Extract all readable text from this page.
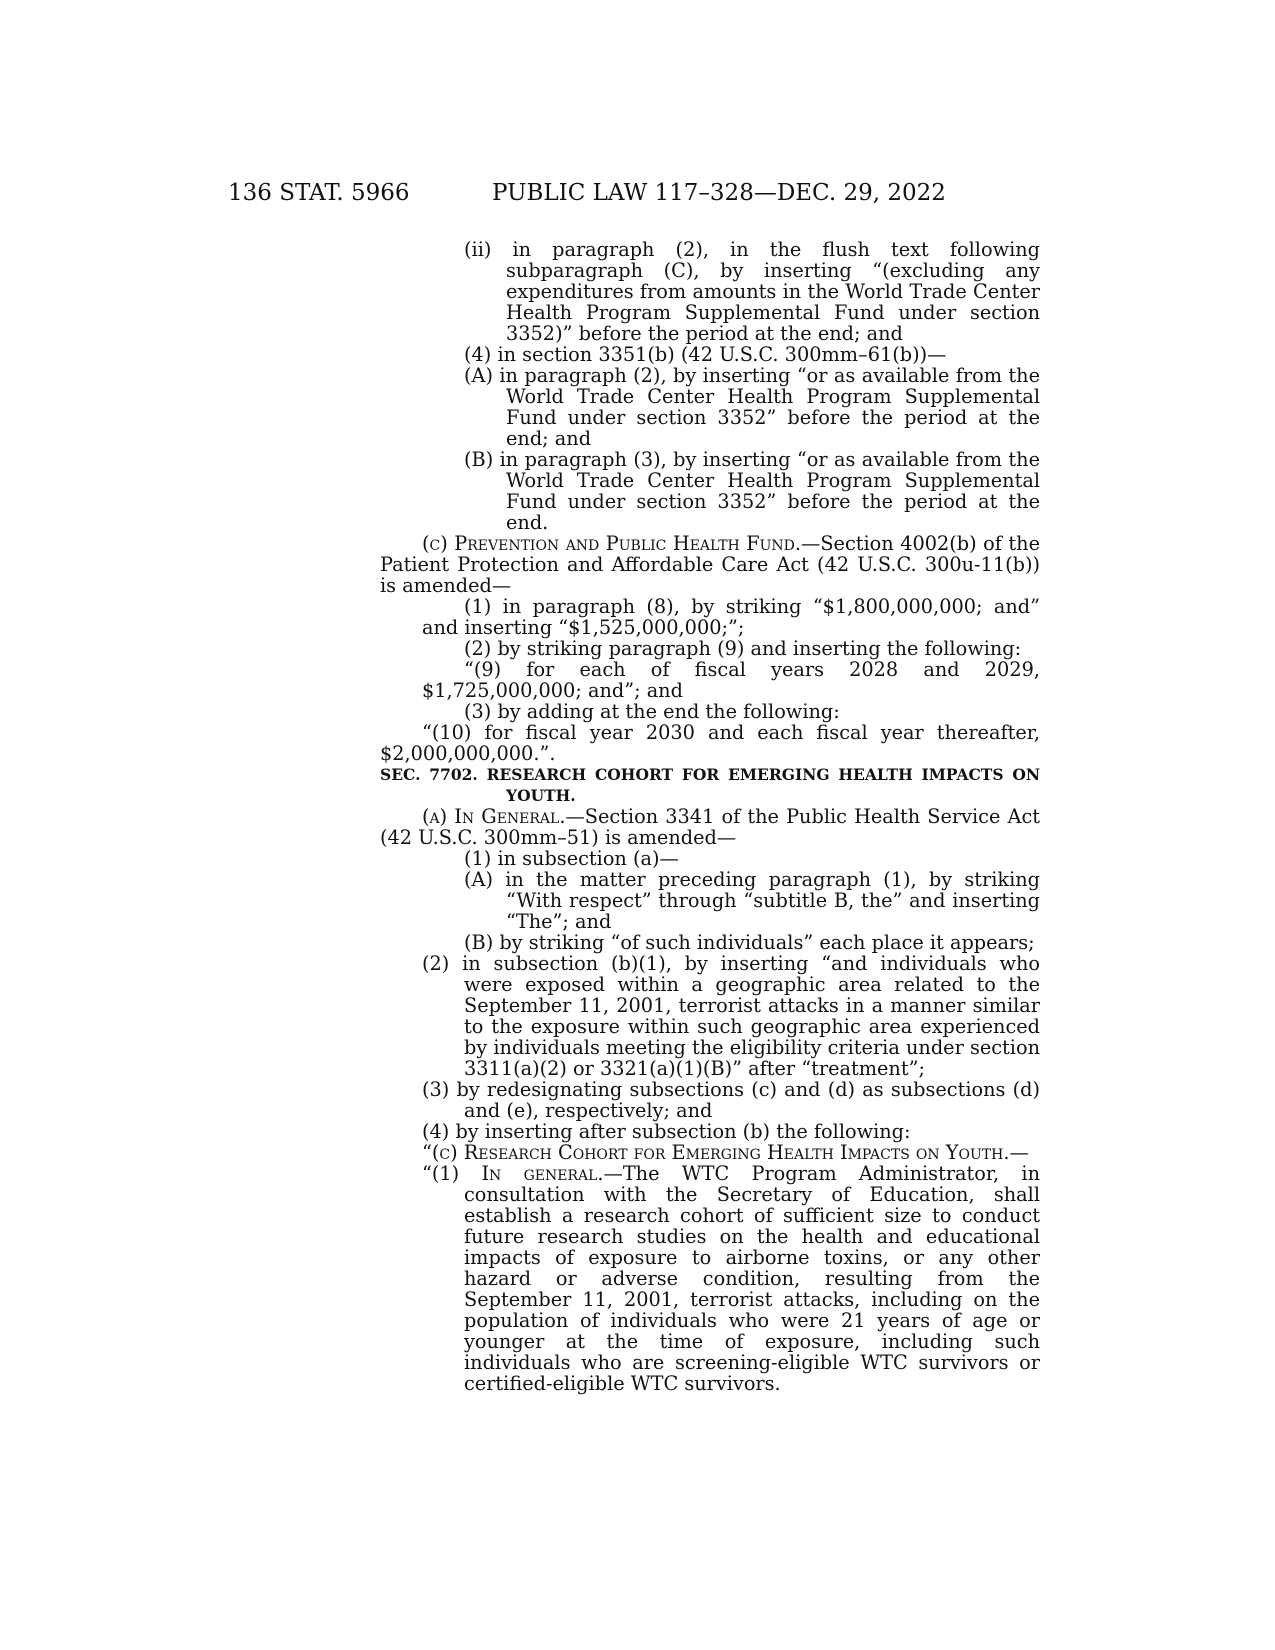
136 STAT. 5966	PUBLIC LAW 117–328—DEC. 29, 2022

(ii) in paragraph (2), in the flush text following subparagraph (C), by inserting “(excluding any expenditures from amounts in the World Trade Center Health Program Supplemental Fund under section 3352)” before the period at the end; and

(4) in section 3351(b) (42 U.S.C. 300mm–61(b))—

(A) in paragraph (2), by inserting “or as available from the World Trade Center Health Program Supplemental Fund under section 3352” before the period at the end; and

(B) in paragraph (3), by inserting “or as available from the World Trade Center Health Program Supplemental Fund under section 3352” before the period at the end.

(c) Prevention and Public Health Fund.—Section 4002(b) of the Patient Protection and Affordable Care Act (42 U.S.C. 300u-11(b)) is amended—

(1) in paragraph (8), by striking “$1,800,000,000; and” and inserting “$1,525,000,000;”;

(2) by striking paragraph (9) and inserting the following:

“(9) for each of fiscal years 2028 and 2029, $1,725,000,000; and”; and

(3) by adding at the end the following:

“(10) for fiscal year 2030 and each fiscal year thereafter, $2,000,000,000.”.

SEC. 7702. RESEARCH COHORT FOR EMERGING HEALTH IMPACTS ON YOUTH.

(a) In General.—Section 3341 of the Public Health Service Act (42 U.S.C. 300mm–51) is amended—

(1) in subsection (a)—

(A) in the matter preceding paragraph (1), by striking “With respect” through “subtitle B, the” and inserting “The”; and

(B) by striking “of such individuals” each place it appears;

(2) in subsection (b)(1), by inserting “and individuals who were exposed within a geographic area related to the September 11, 2001, terrorist attacks in a manner similar to the exposure within such geographic area experienced by individuals meeting the eligibility criteria under section 3311(a)(2) or 3321(a)(1)(B)” after “treatment”;

(3) by redesignating subsections (c) and (d) as subsections (d) and (e), respectively; and

(4) by inserting after subsection (b) the following:

“(c) Research Cohort for Emerging Health Impacts on Youth.—

“(1) In general.—The WTC Program Administrator, in consultation with the Secretary of Education, shall establish a research cohort of sufficient size to conduct future research studies on the health and educational impacts of exposure to airborne toxins, or any other hazard or adverse condition, resulting from the September 11, 2001, terrorist attacks, including on the population of individuals who were 21 years of age or younger at the time of exposure, including such individuals who are screening-eligible WTC survivors or certified-eligible WTC survivors.
